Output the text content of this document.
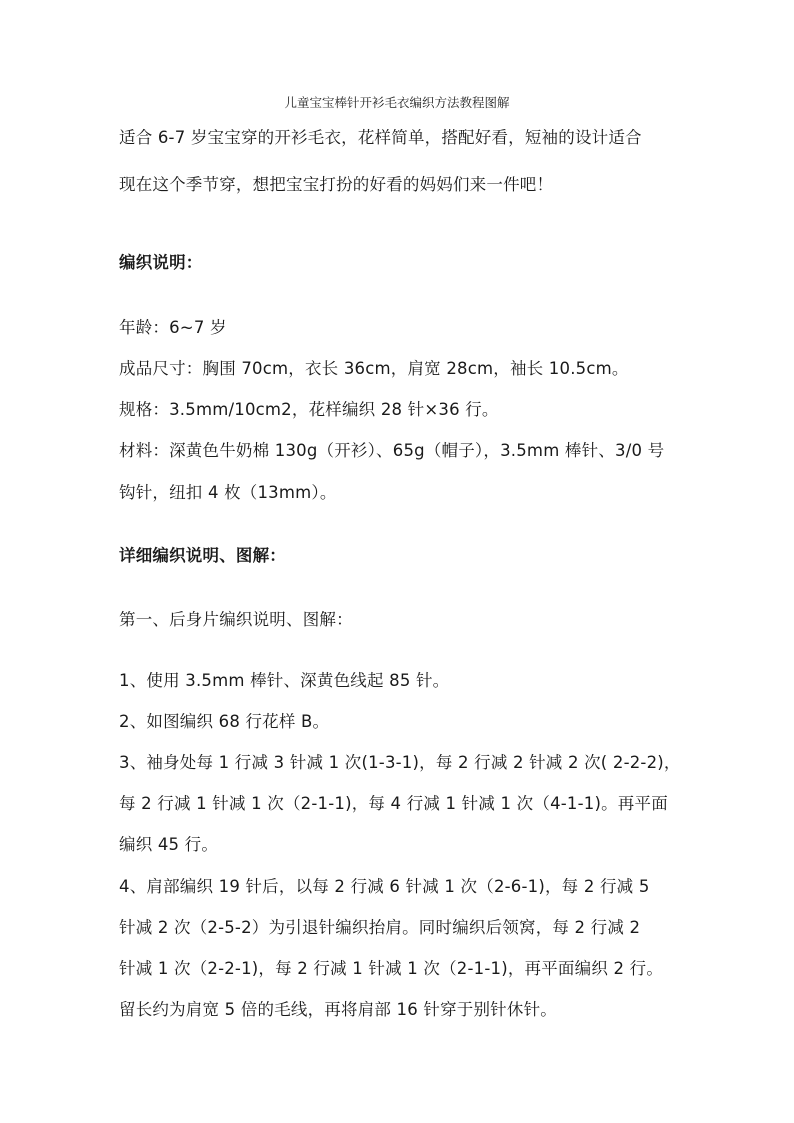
儿童宝宝棒针开衫毛衣编织方法教程图解
适合 6-7 岁宝宝穿的开衫毛衣，花样简单，搭配好看，短袖的设计适合
现在这个季节穿，想把宝宝打扮的好看的妈妈们来一件吧！
编织说明：
年龄：6~7 岁
成品尺寸：胸围 70cm，衣长 36cm，肩宽 28cm，袖长 10.5cm。
规格：3.5mm/10cm2，花样编织 28 针×36 行。
材料：深黄色牛奶棉 130g（开衫）、65g（帽子），3.5mm 棒针、3/0 号
钩针，纽扣 4 枚（13mm）。
详细编织说明、图解：
第一、后身片编织说明、图解：
1、使用 3.5mm 棒针、深黄色线起 85 针。
2、如图编织 68 行花样 B。
3、袖身处每 1 行减 3 针减 1 次(1-3-1)，每 2 行减 2 针减 2 次( 2-2-2)，
每 2 行减 1 针减 1 次（2-1-1)，每 4 行减 1 针减 1 次（4-1-1)。再平面
编织 45 行。
4、肩部编织 19 针后，以每 2 行减 6 针减 1 次（2-6-1)，每 2 行减 5
针减 2 次（2-5-2）为引退针编织抬肩。同时编织后领窝，每 2 行减 2
针减 1 次（2-2-1)，每 2 行减 1 针减 1 次（2-1-1)，再平面编织 2 行。
留长约为肩宽 5 倍的毛线，再将肩部 16 针穿于别针休针。
